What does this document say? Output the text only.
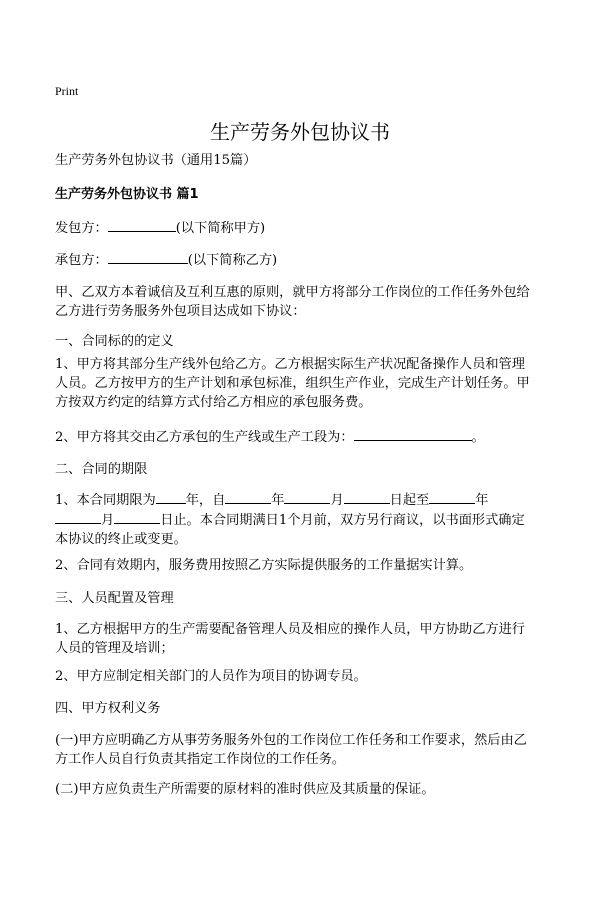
Print
生产劳务外包协议书
生产劳务外包协议书（通用15篇）
生产劳务外包协议书 篇1
发包方：	(以下简称甲方)
承包方：	(以下简称乙方)
甲、乙双方本着诚信及互利互惠的原则，就甲方将部分工作岗位的工作任务外包给
乙方进行劳务服务外包项目达成如下协议：
一、合同标的的定义
1、甲方将其部分生产线外包给乙方。乙方根据实际生产状况配备操作人员和管理
人员。乙方按甲方的生产计划和承包标准，组织生产作业，完成生产计划任务。甲
方按双方约定的结算方式付给乙方相应的承包服务费。
2、甲方将其交由乙方承包的生产线或生产工段为：	。
二、合同的期限
1、本合同期限为 年，自	年	月	日起至	年
月	日止。本合同期满日1个月前，双方另行商议，以书面形式确定
本协议的终止或变更。
2、合同有效期内，服务费用按照乙方实际提供服务的工作量据实计算。
三、人员配置及管理
1、乙方根据甲方的生产需要配备管理人员及相应的操作人员，甲方协助乙方进行
人员的管理及培训；
2、甲方应制定相关部门的人员作为项目的协调专员。
四、甲方权利义务
(一)甲方应明确乙方从事劳务服务外包的工作岗位工作任务和工作要求，然后由乙
方工作人员自行负责其指定工作岗位的工作任务。
(二)甲方应负责生产所需要的原材料的准时供应及其质量的保证。
